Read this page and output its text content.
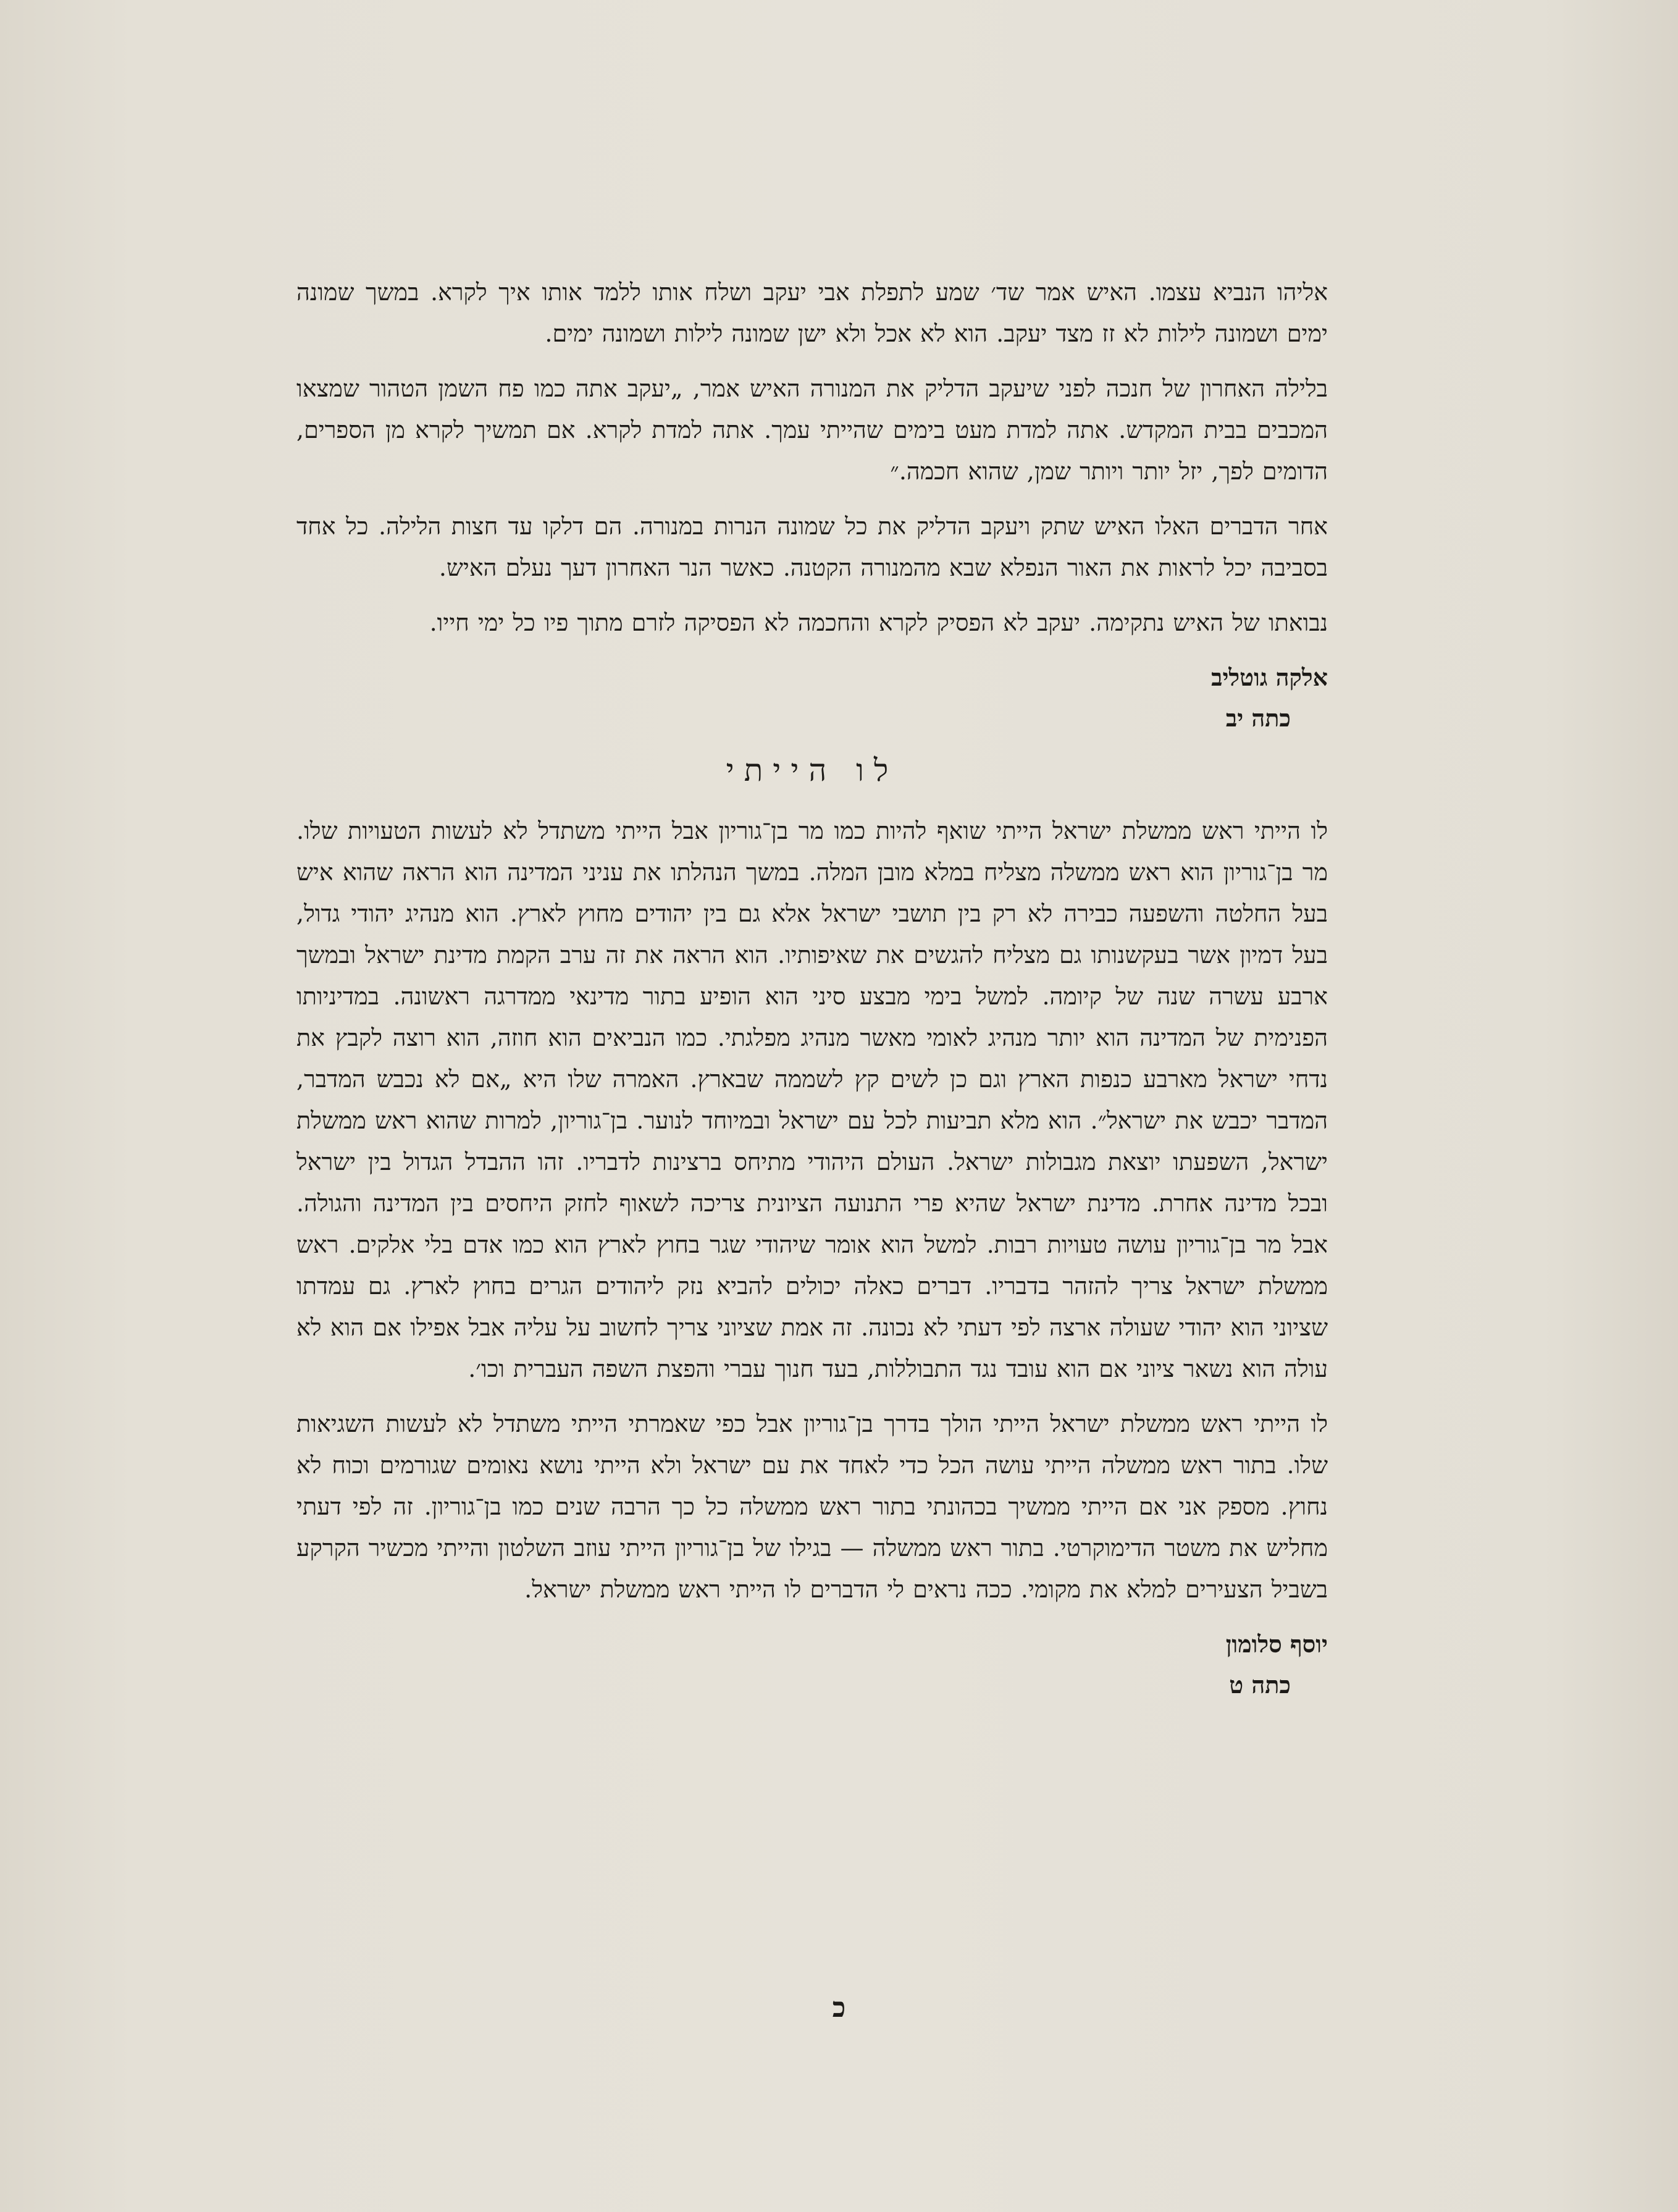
אליהו הנביא עצמו. האיש אמר שד׳ שמע לתפלת אבי יעקב ושלח אותו ללמד אותו איך לקרא. במשך שמונה ימים ושמונה לילות לא זז מצד יעקב. הוא לא אכל ולא ישן שמונה לילות ושמונה ימים.

בלילה האחרון של חנכה לפני שיעקב הדליק את המנורה האיש אמר, „יעקב אתה כמו פח השמן הטהור שמצאו המכבים בבית המקדש. אתה למדת מעט בימים שהייתי עמך. אתה למדת לקרא. אם תמשיך לקרא מן הספרים, הדומים לפך, יזל יותר ויותר שמן, שהוא חכמה.״

אחר הדברים האלו האיש שתק ויעקב הדליק את כל שמונה הנרות במנורה. הם דלקו עד חצות הלילה. כל אחד בסביבה יכל לראות את האור הנפלא שבא מהמנורה הקטנה. כאשר הנר האחרון דעך נעלם האיש.

נבואתו של האיש נתקימה. יעקב לא הפסיק לקרא והחכמה לא הפסיקה לזרם מתוך פיו כל ימי חייו.

אלקה גוטליב
כתה יב
לו הייתי

לו הייתי ראש ממשלת ישראל הייתי שואף להיות כמו מר בן־גוריון אבל הייתי משתדל לא לעשות הטעויות שלו. מר בן־גוריון הוא ראש ממשלה מצליח במלא מובן המלה. במשך הנהלתו את עניני המדינה הוא הראה שהוא איש בעל החלטה והשפעה כבירה לא רק בין תושבי ישראל אלא גם בין יהודים מחוץ לארץ. הוא מנהיג יהודי גדול, בעל דמיון אשר בעקשנותו גם מצליח להגשים את שאיפותיו. הוא הראה את זה ערב הקמת מדינת ישראל ובמשך ארבע עשרה שנה של קיומה. למשל בימי מבצע סיני הוא הופיע בתור מדינאי ממדרגה ראשונה. במדיניותו הפנימית של המדינה הוא יותר מנהיג לאומי מאשר מנהיג מפלגתי. כמו הנביאים הוא חוזה, הוא רוצה לקבץ את נדחי ישראל מארבע כנפות הארץ וגם כן לשים קץ לשממה שבארץ. האמרה שלו היא „אם לא נכבש המדבר, המדבר יכבש את ישראל״. הוא מלא תביעות לכל עם ישראל ובמיוחד לנוער. בן־גוריון, למרות שהוא ראש ממשלת ישראל, השפעתו יוצאת מגבולות ישראל. העולם היהודי מתיחס ברצינות לדבריו. זהו ההבדל הגדול בין ישראל ובכל מדינה אחרת. מדינת ישראל שהיא פרי התנועה הציונית צריכה לשאוף לחזק היחסים בין המדינה והגולה. אבל מר בן־גוריון עושה טעויות רבות. למשל הוא אומר שיהודי שגר בחוץ לארץ הוא כמו אדם בלי אלקים. ראש ממשלת ישראל צריך להזהר בדבריו. דברים כאלה יכולים להביא נזק ליהודים הגרים בחוץ לארץ. גם עמדתו שציוני הוא יהודי שעולה ארצה לפי דעתי לא נכונה. זה אמת שציוני צריך לחשוב על עליה אבל אפילו אם הוא לא עולה הוא נשאר ציוני אם הוא עובד נגד התבוללות, בעד חנוך עברי והפצת השפה העברית וכו׳.

לו הייתי ראש ממשלת ישראל הייתי הולך בדרך בן־גוריון אבל כפי שאמרתי הייתי משתדל לא לעשות השגיאות שלו. בתור ראש ממשלה הייתי עושה הכל כדי לאחד את עם ישראל ולא הייתי נושא נאומים שגורמים וכוח לא נחוץ. מספק אני אם הייתי ממשיך בכהונתי בתור ראש ממשלה כל כך הרבה שנים כמו בן־גוריון. זה לפי דעתי מחליש את משטר הדימוקרטי. בתור ראש ממשלה — בגילו של בן־גוריון הייתי עוזב השלטון והייתי מכשיר הקרקע בשביל הצעירים למלא את מקומי. ככה נראים לי הדברים לו הייתי ראש ממשלת ישראל.

יוסף סלומון
כתה ט
כ
